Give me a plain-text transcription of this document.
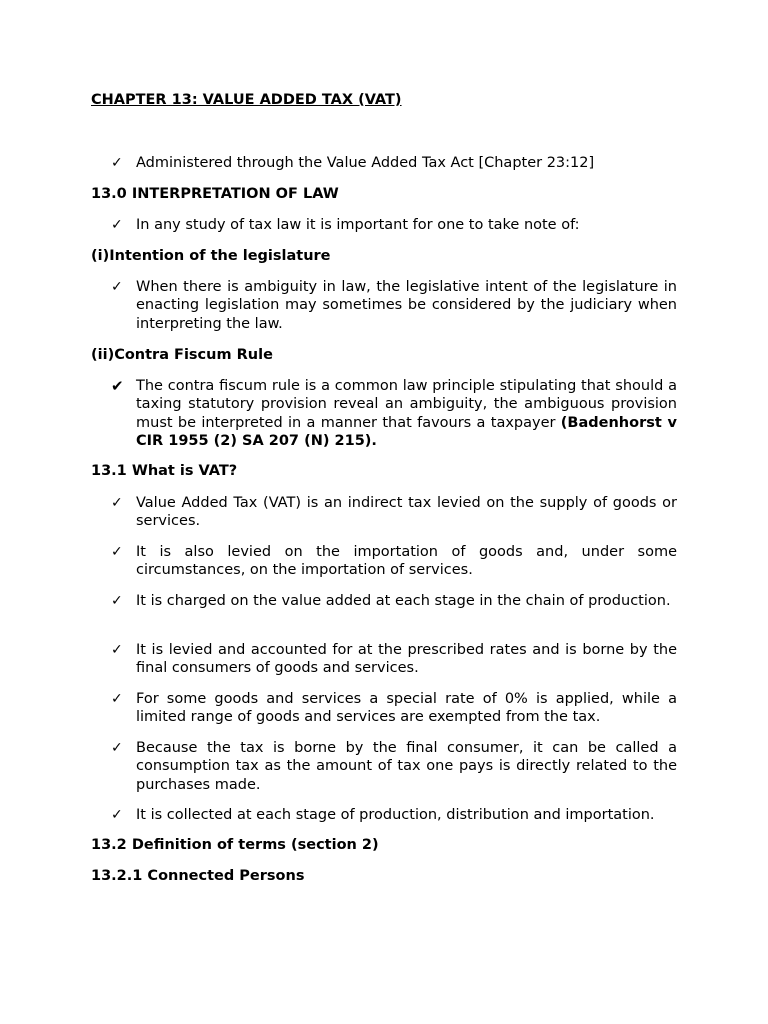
CHAPTER 13: VALUE ADDED TAX (VAT)
✓ Administered through the Value Added Tax Act [Chapter 23:12]
13.0 INTERPRETATION OF LAW
✓ In any study of tax law it is important for one to take note of:
(i)Intention of the legislature
✓ When there is ambiguity in law, the legislative intent of the legislature in enacting legislation may sometimes be considered by the judiciary when interpreting the law.
(ii)Contra Fiscum Rule
✔ The contra fiscum rule is a common law principle stipulating that should a taxing statutory provision reveal an ambiguity, the ambiguous provision must be interpreted in a manner that favours a taxpayer (Badenhorst v CIR 1955 (2) SA 207 (N) 215).
13.1 What is VAT?
✓ Value Added Tax (VAT) is an indirect tax levied on the supply of goods or services.
✓ It is also levied on the importation of goods and, under some circumstances, on the importation of services.
✓ It is charged on the value added at each stage in the chain of production.
✓ It is levied and accounted for at the prescribed rates and is borne by the final consumers of goods and services.
✓ For some goods and services a special rate of 0% is applied, while a limited range of goods and services are exempted from the tax.
✓ Because the tax is borne by the final consumer, it can be called a consumption tax as the amount of tax one pays is directly related to the purchases made.
✓ It is collected at each stage of production, distribution and importation.
13.2 Definition of terms (section 2)
13.2.1 Connected Persons
